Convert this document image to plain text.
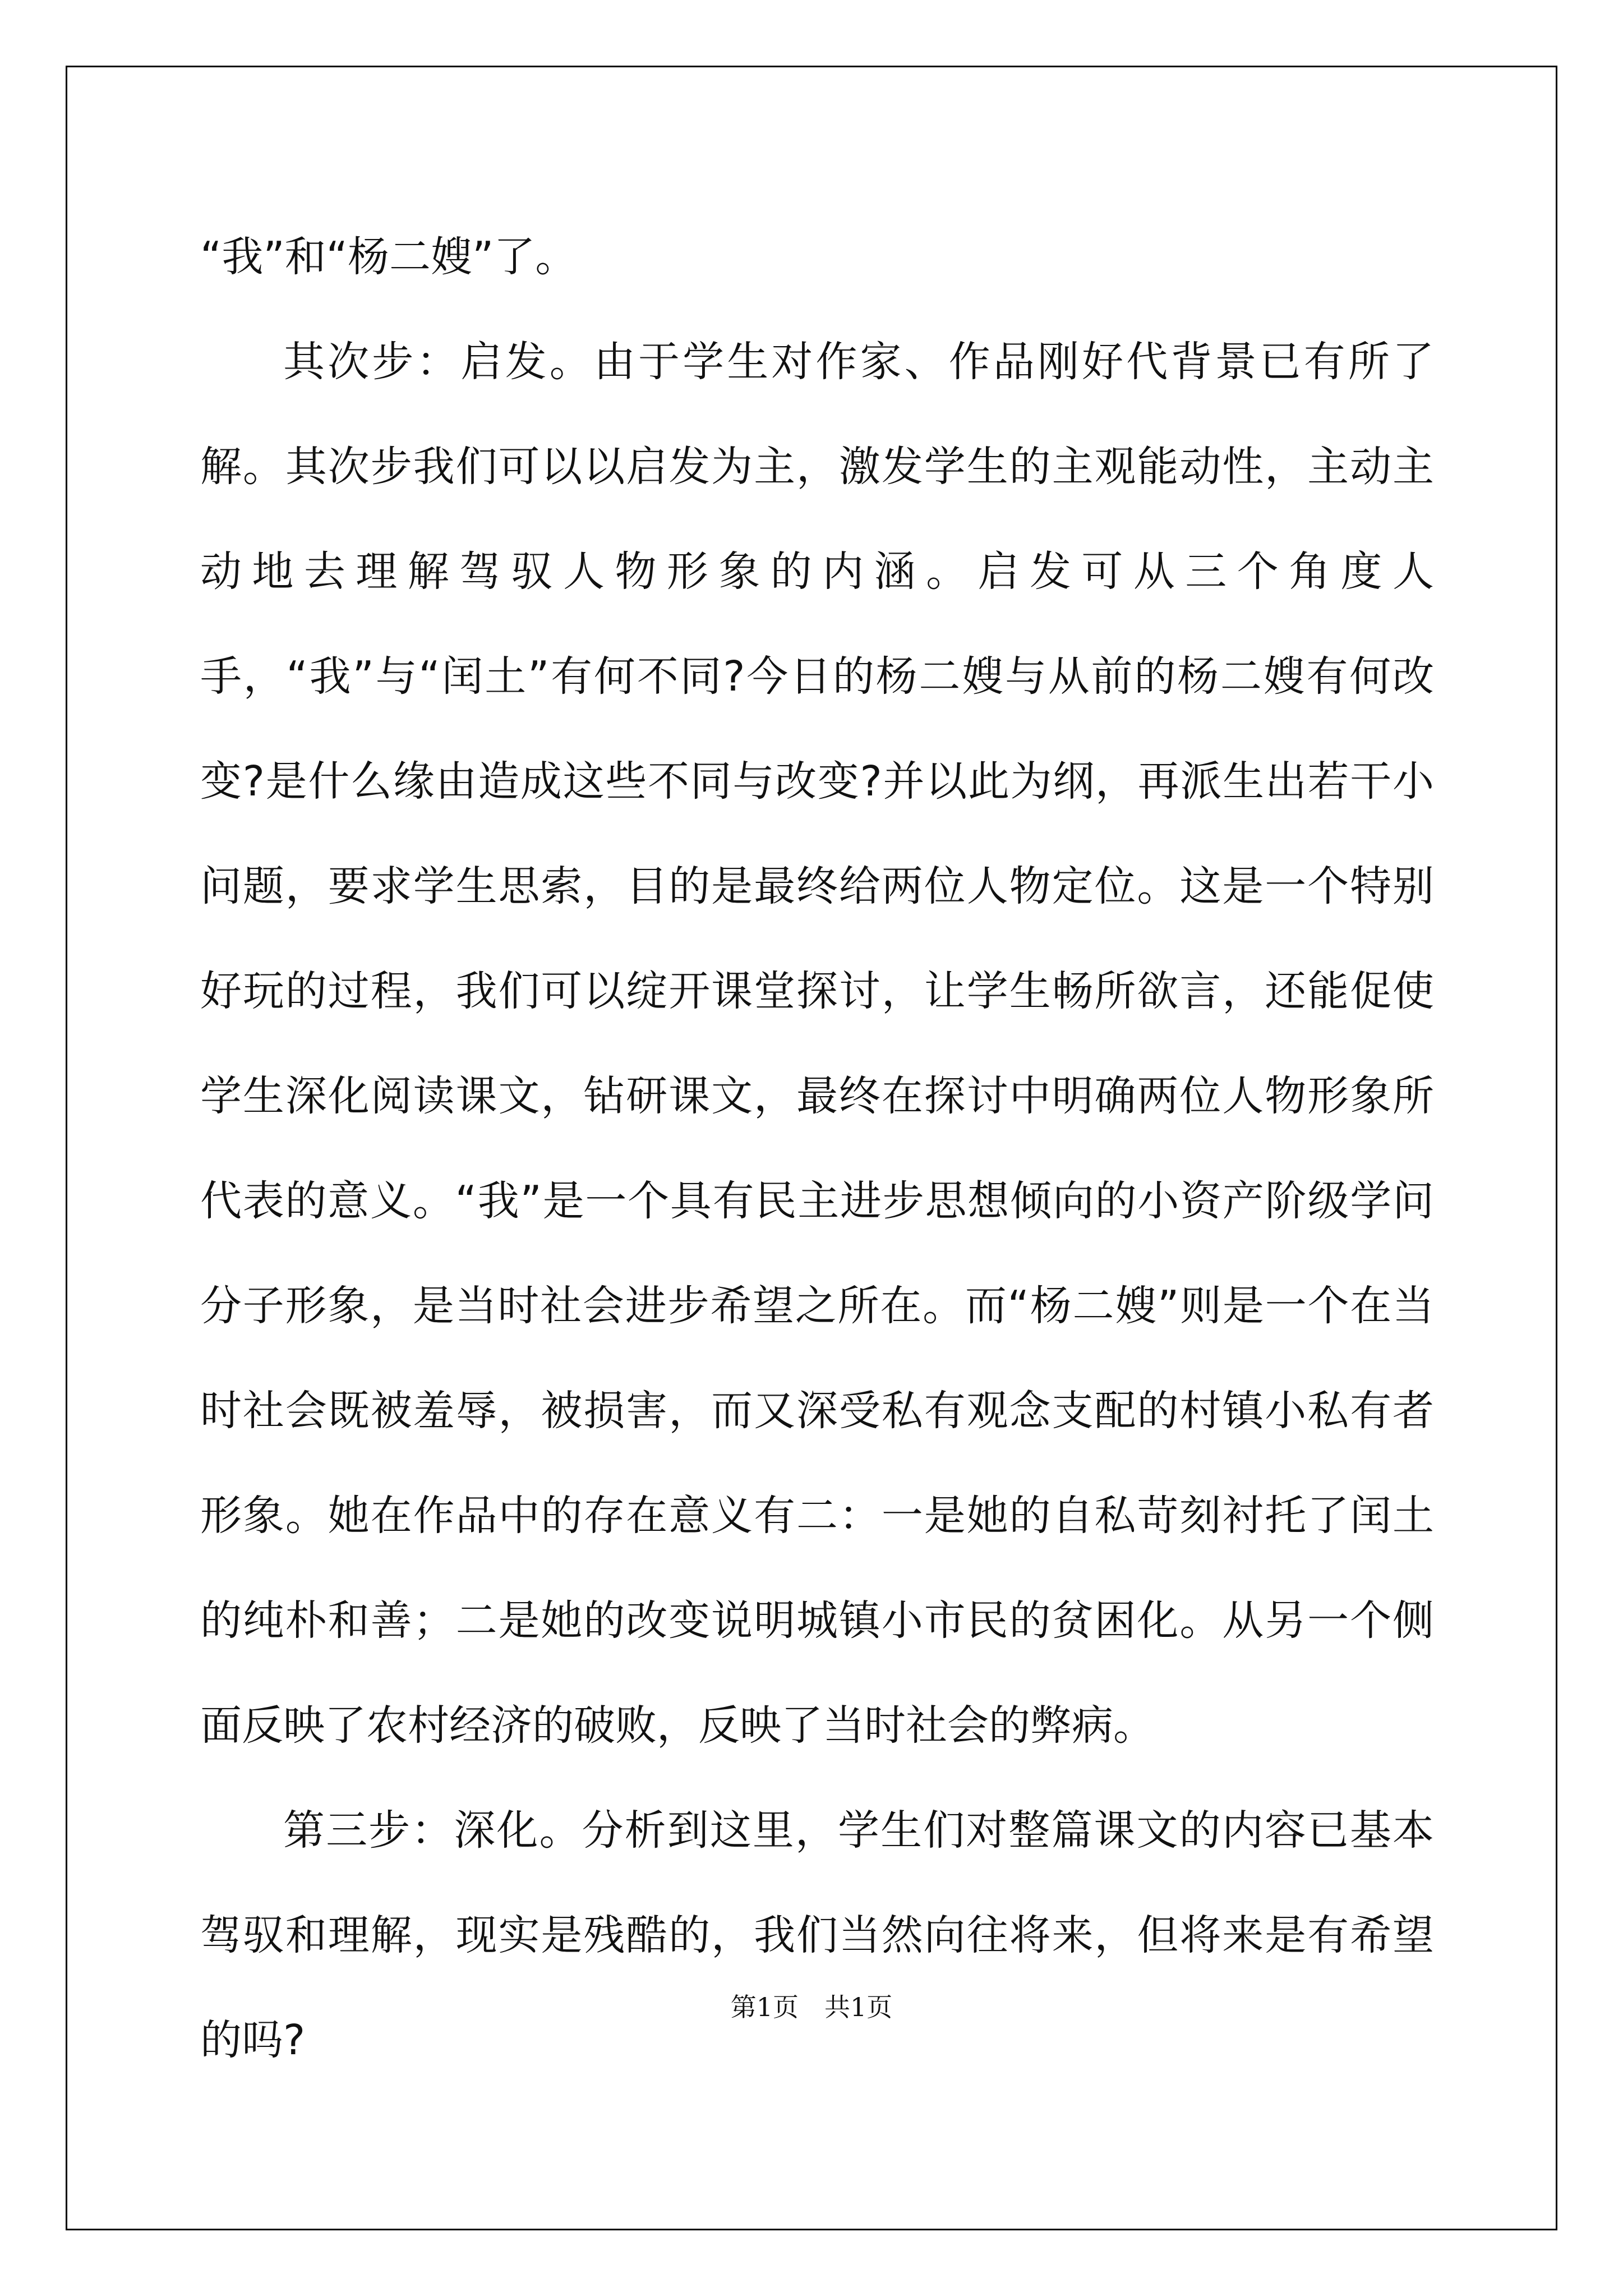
“我”和“杨二嫂”了。

其次步：启发。由于学生对作家、作品刚好代背景已有所了解。其次步我们可以以启发为主，激发学生的主观能动性，主动主动地去理解驾驭人物形象的内涵。启发可从三个角度人手，“我”与“闰土”有何不同?今日的杨二嫂与从前的杨二嫂有何改变?是什么缘由造成这些不同与改变?并以此为纲，再派生出若干小问题，要求学生思索，目的是最终给两位人物定位。这是一个特别好玩的过程，我们可以绽开课堂探讨，让学生畅所欲言，还能促使学生深化阅读课文，钻研课文，最终在探讨中明确两位人物形象所代表的意义。“我”是一个具有民主进步思想倾向的小资产阶级学问分子形象，是当时社会进步希望之所在。而“杨二嫂”则是一个在当时社会既被羞辱，被损害，而又深受私有观念支配的村镇小私有者形象。她在作品中的存在意义有二：一是她的自私苛刻衬托了闰土的纯朴和善；二是她的改变说明城镇小市民的贫困化。从另一个侧面反映了农村经济的破败，反映了当时社会的弊病。

第三步：深化。分析到这里，学生们对整篇课文的内容已基本驾驭和理解，现实是残酷的，我们当然向往将来，但将来是有希望的吗?

第1页　共1页
